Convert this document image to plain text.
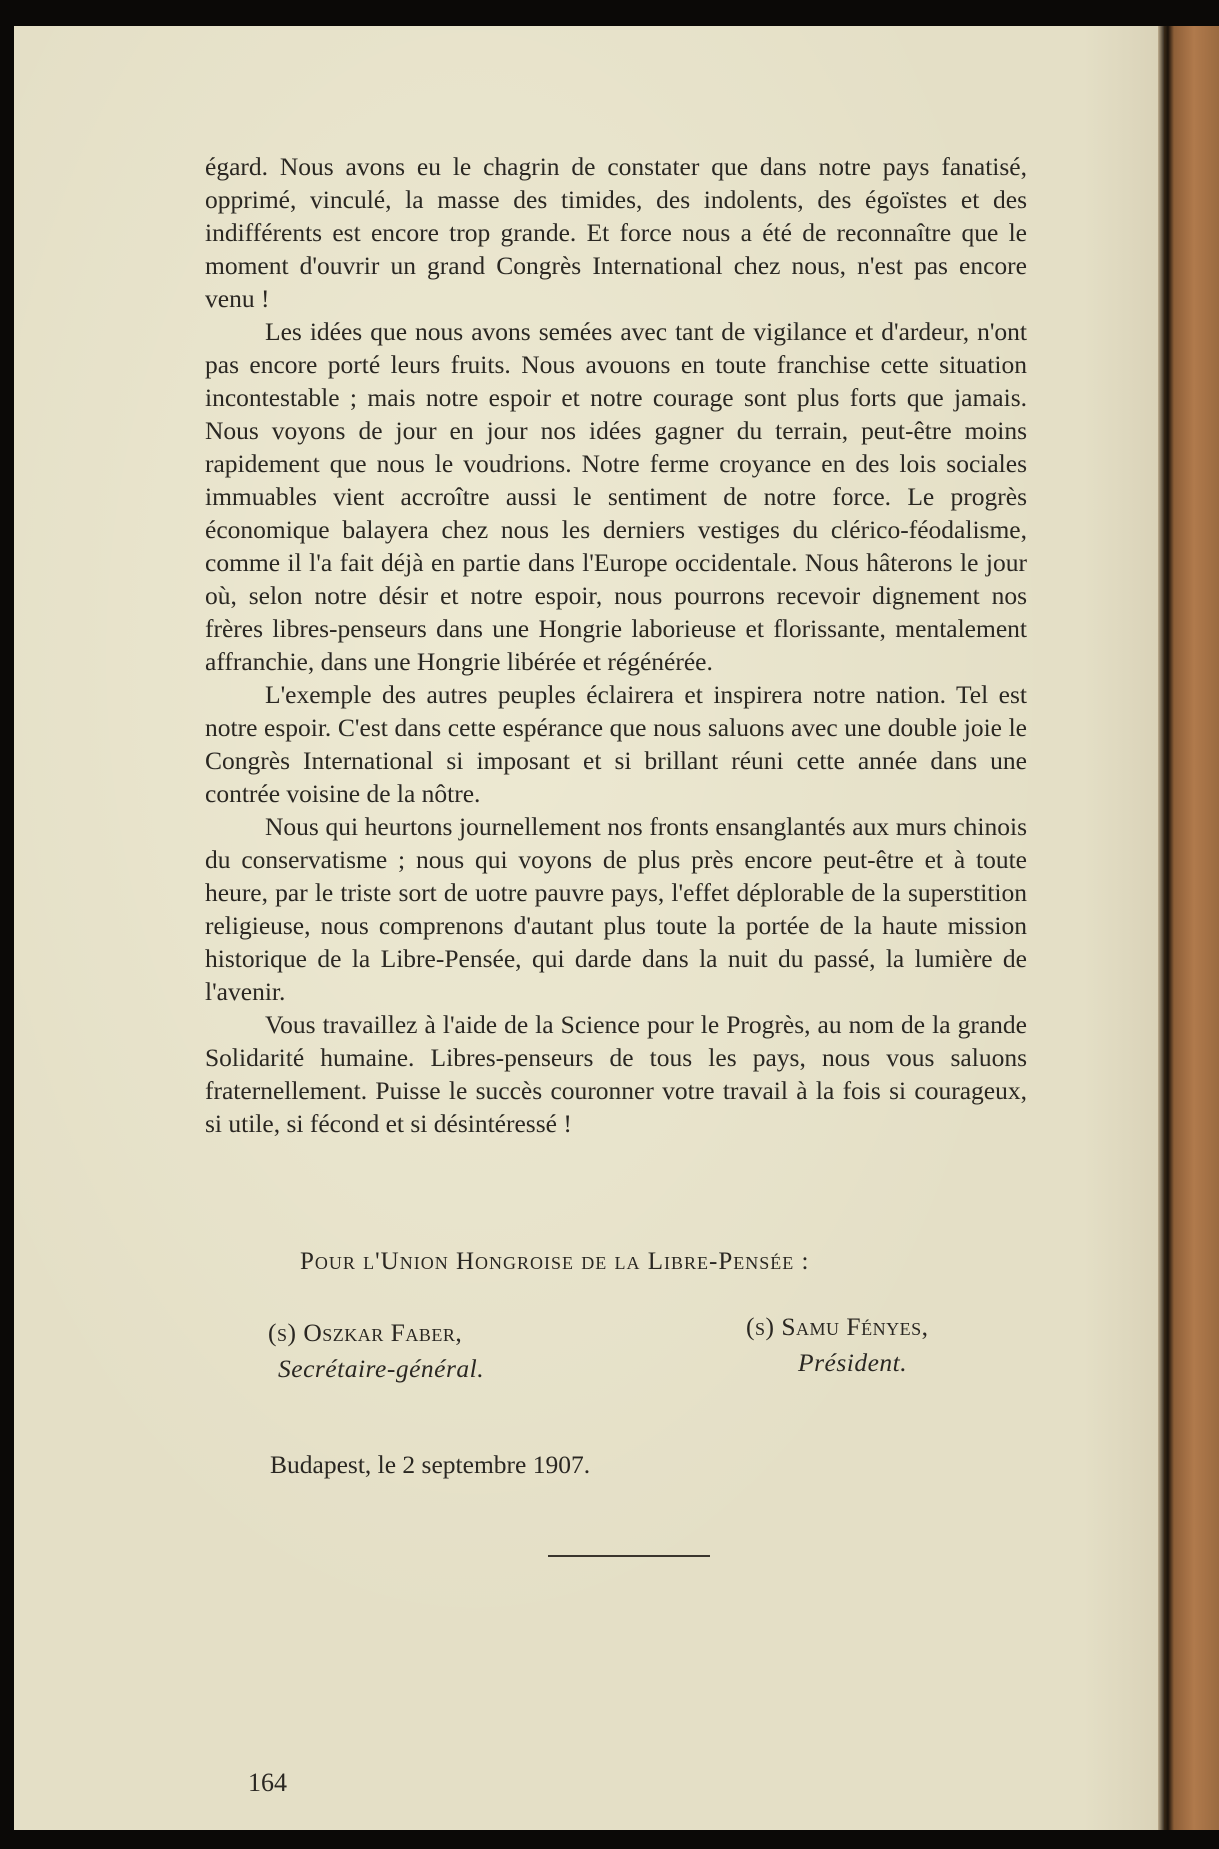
égard. Nous avons eu le chagrin de constater que dans notre pays fanatisé, opprimé, vinculé, la masse des timides, des indolents, des égoïstes et des indifférents est encore trop grande. Et force nous a été de reconnaître que le moment d'ouvrir un grand Congrès International chez nous, n'est pas encore venu !

Les idées que nous avons semées avec tant de vigilance et d'ardeur, n'ont pas encore porté leurs fruits. Nous avouons en toute franchise cette situation incontestable ; mais notre espoir et notre courage sont plus forts que jamais. Nous voyons de jour en jour nos idées gagner du terrain, peut-être moins rapidement que nous le voudrions. Notre ferme croyance en des lois sociales immuables vient accroître aussi le sentiment de notre force. Le progrès économique balayera chez nous les derniers vestiges du clérico-féodalisme, comme il l'a fait déjà en partie dans l'Europe occidentale. Nous hâterons le jour où, selon notre désir et notre espoir, nous pourrons recevoir dignement nos frères libres-penseurs dans une Hongrie laborieuse et florissante, mentalement affranchie, dans une Hongrie libérée et régénérée.

L'exemple des autres peuples éclairera et inspirera notre nation. Tel est notre espoir. C'est dans cette espérance que nous saluons avec une double joie le Congrès International si imposant et si brillant réuni cette année dans une contrée voisine de la nôtre.

Nous qui heurtons journellement nos fronts ensanglantés aux murs chinois du conservatisme ; nous qui voyons de plus près encore peut-être et à toute heure, par le triste sort de uotre pauvre pays, l'effet déplorable de la superstition religieuse, nous comprenons d'autant plus toute la portée de la haute mission historique de la Libre-Pensée, qui darde dans la nuit du passé, la lumière de l'avenir.

Vous travaillez à l'aide de la Science pour le Progrès, au nom de la grande Solidarité humaine. Libres-penseurs de tous les pays, nous vous saluons fraternellement. Puisse le succès couronner votre travail à la fois si courageux, si utile, si fécond et si désintéressé !

Pour l'Union Hongroise de la Libre-Pensée :
(s) Oszkar Faber,
Secrétaire-général.
(s) Samu Fényes,
Président.
Budapest, le 2 septembre 1907.
164
